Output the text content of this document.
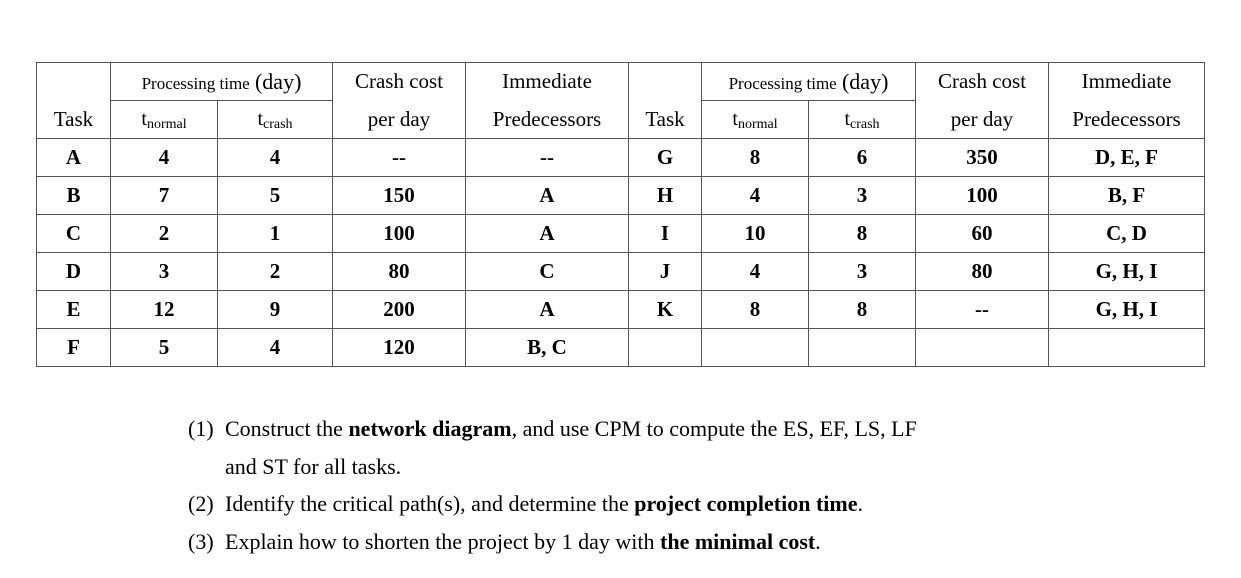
	Processing time (day)		Crash cost	Immediate		Processing time (day)		Crash cost	Immediate
Task	$t_{normal}$	$t_{crash}$	per day	Predecessors	Task	$t_{normal}$	$t_{crash}$	per day	Predecessors
A	4	4	--	--	G	8	6	350	D, E, F
B	7	5	150	A	H	4	3	100	B, F
C	2	1	100	A	I	10	8	60	C, D
D	3	2	80	C	J	4	3	80	G, H, I
E	12	9	200	A	K	8	8	--	G, H, I
F	5	4	120	B, C					
(1) Construct the network diagram, and use CPM to compute the ES, EF, LS, LF
and ST for all tasks.
(2) Identify the critical path(s), and determine the project completion time.
(3) Explain how to shorten the project by 1 day with the minimal cost.
